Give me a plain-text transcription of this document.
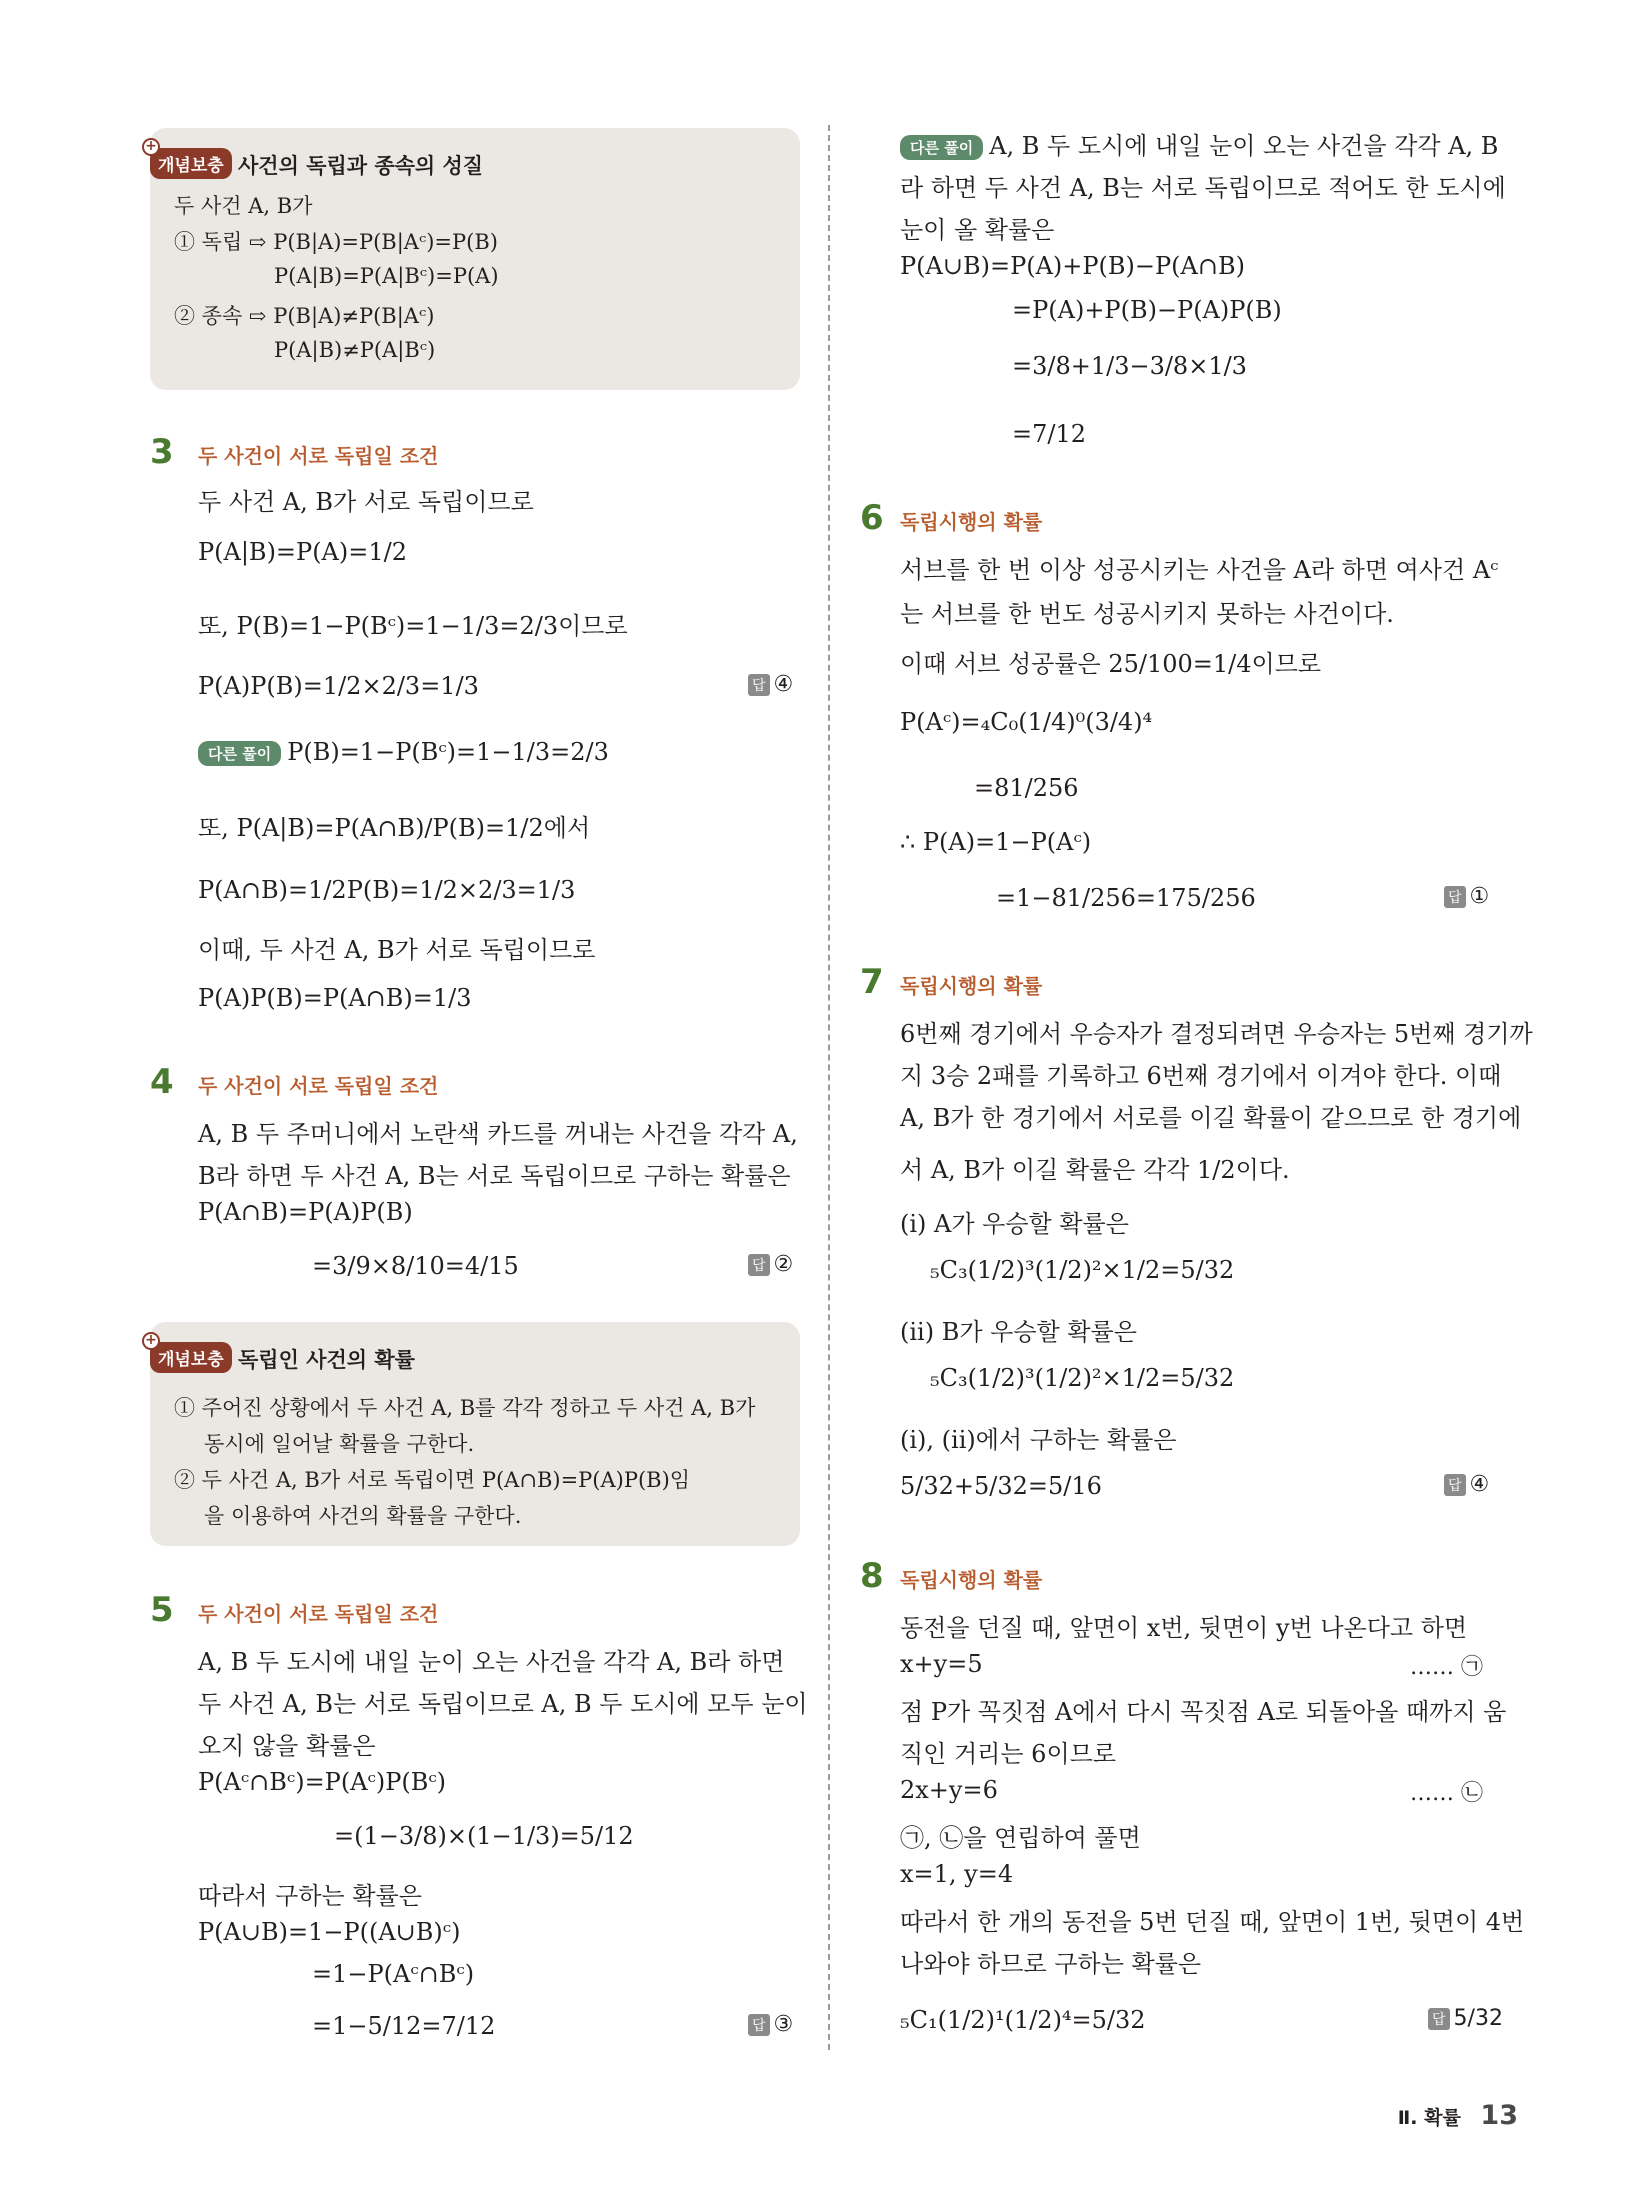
+
개념보충 사건의 독립과 종속의 성질
두 사건 A, B가
① 독립 ⇨ P(B|A)=P(B|Aᶜ)=P(B)
P(A|B)=P(A|Bᶜ)=P(A)
② 종속 ⇨ P(B|A)≠P(B|Aᶜ)
P(A|B)≠P(A|Bᶜ)
3 두 사건이 서로 독립일 조건
두 사건 A, B가 서로 독립이므로
P(A|B)=P(A)=1/2
또, P(B)=1−P(Bᶜ)=1−1/3=2/3이므로
P(A)P(B)=1/2×2/3=1/3	답 ④
다른 풀이 P(B)=1−P(Bᶜ)=1−1/3=2/3
또, P(A|B)=P(A∩B)/P(B)=1/2에서
P(A∩B)=1/2P(B)=1/2×2/3=1/3
이때, 두 사건 A, B가 서로 독립이므로
P(A)P(B)=P(A∩B)=1/3
4 두 사건이 서로 독립일 조건
A, B 두 주머니에서 노란색 카드를 꺼내는 사건을 각각 A,
B라 하면 두 사건 A, B는 서로 독립이므로 구하는 확률은
P(A∩B)=P(A)P(B)
=3/9×8/10=4/15	답 ②
+
개념보충 독립인 사건의 확률
① 주어진 상황에서 두 사건 A, B를 각각 정하고 두 사건 A, B가
동시에 일어날 확률을 구한다.
② 두 사건 A, B가 서로 독립이면 P(A∩B)=P(A)P(B)임
을 이용하여 사건의 확률을 구한다.
5 두 사건이 서로 독립일 조건
A, B 두 도시에 내일 눈이 오는 사건을 각각 A, B라 하면
두 사건 A, B는 서로 독립이므로 A, B 두 도시에 모두 눈이
오지 않을 확률은
P(Aᶜ∩Bᶜ)=P(Aᶜ)P(Bᶜ)
=(1−3/8)×(1−1/3)=5/12
따라서 구하는 확률은
P(A∪B)=1−P((A∪B)ᶜ)
=1−P(Aᶜ∩Bᶜ)
=1−5/12=7/12	답 ③
다른 풀이 A, B 두 도시에 내일 눈이 오는 사건을 각각 A, B
라 하면 두 사건 A, B는 서로 독립이므로 적어도 한 도시에
눈이 올 확률은
P(A∪B)=P(A)+P(B)−P(A∩B)
=P(A)+P(B)−P(A)P(B)
=3/8+1/3−3/8×1/3
=7/12
6 독립시행의 확률
서브를 한 번 이상 성공시키는 사건을 A라 하면 여사건 Aᶜ
는 서브를 한 번도 성공시키지 못하는 사건이다.
이때 서브 성공률은 25/100=1/4이므로
P(Aᶜ)=₄C₀(1/4)⁰(3/4)⁴
=81/256
∴ P(A)=1−P(Aᶜ)
=1−81/256=175/256	답 ①
7 독립시행의 확률
6번째 경기에서 우승자가 결정되려면 우승자는 5번째 경기까
지 3승 2패를 기록하고 6번째 경기에서 이겨야 한다. 이때
A, B가 한 경기에서 서로를 이길 확률이 같으므로 한 경기에
서 A, B가 이길 확률은 각각 1/2이다.
(i) A가 우승할 확률은
₅C₃(1/2)³(1/2)²×1/2=5/32
(ii) B가 우승할 확률은
₅C₃(1/2)³(1/2)²×1/2=5/32
(i), (ii)에서 구하는 확률은
5/32+5/32=5/16	답 ④
8 독립시행의 확률
동전을 던질 때, 앞면이 x번, 뒷면이 y번 나온다고 하면
x+y=5	…… ㉠
점 P가 꼭짓점 A에서 다시 꼭짓점 A로 되돌아올 때까지 움
직인 거리는 6이므로
2x+y=6	…… ㉡
㉠, ㉡을 연립하여 풀면
x=1, y=4
따라서 한 개의 동전을 5번 던질 때, 앞면이 1번, 뒷면이 4번
나와야 하므로 구하는 확률은
₅C₁(1/2)¹(1/2)⁴=5/32	답 5/32
Ⅱ. 확률 13
